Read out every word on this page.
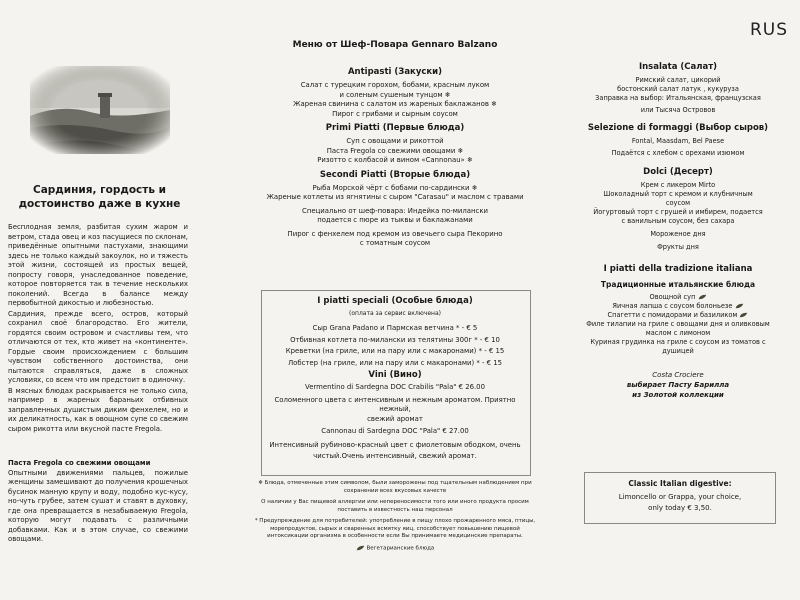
RUS
Сардиния, гордость и достоинство даже в кухне

Бесплодная земля, разбитая сухим жаром и ветром, стада овец и коз пасущиеся по склонам, приведённые опытными пастухами, знающими здесь не только каждый закоулок, но и тяжесть этой жизни, состоящей из простых вещей, попросту говоря, унаследованное поведение, которое повторяется так в течение нескольких поколений. Всегда в балансе между первобытной дикостью и любезностью.

Сардиния, прежде всего, остров, который сохранил своё благородство. Его жители, гордятся своим островом и счастливы тем, что отличаются от тех, кто живет на «континенте». Гордые своим происхождением с большим чувством собственного достоинства, они пытаются справляться, даже в сложных условиях, со всем что им предстоит в одиночку.

В мясных блюдах раскрывается не только сила, например в жареных бараньих отбивных заправленных душистым диким фенхелем, но и их деликатность, как в овощном супе со свежим сыром рикотта или вкусной пасте Fregola.

Паста Fregola со свежими овощами
Опытными движениями пальцев, пожилые женщины замешивают до получения крошечных бусинок манную крупу и воду, подобно кус-кусу, но-чуть грубее, затем сушат и ставят в духовку, где она превращается в незабываемую Fregola, которую могут подавать с различными добавками. Как и в этом случае, со свежими овощами.
Меню от Шеф-Повара Gennaro Balzano
Antipasti (Закуски)

Салат с турецким горохом, бобами, красным луком

и соленым сушеным тунцом ❄

Жареная свинина с салатом из жареных баклажанов ❄

Пирог с грибами и сырным соусом

Primi Piatti (Первые блюда)

Суп с овощами и рикоттой

Паста Fregola со свежими овощами ❄

Ризотто с колбасой и вином «Cannonau» ❄

Secondi Piatti (Вторые блюда)

Рыба Морской чёрт с бобами по-сардински ❄

Жареные котлеты из ягнятины с сыром "Carasau" и маслом с травами

Специально от шеф-повара: Индейка по-милански

подается с пюре из тыквы и баклажанами

Пирог с фенхелем под кремом из овечьего сыра Пекорино

с томатным соусом

I piatti speciali (Особые блюда)

(оплата за сервис включена)

Сыр Grana Padano и Пармская ветчина * - € 5

Отбивная котлета по-милански из телятины 300г * - € 10

Креветки (на гриле, или на пару или с макаронами) * - € 15

Лобстер (на гриле, или на пару или с макаронами) * - € 15

Vini (Вино)

Vermentino di Sardegna DOC Crabilis "Pala" € 26.00

Соломенного цвета с интенсивным и нежным ароматом. Приятно нежный,

свежий аромат

Cannonau di Sardegna DOC "Pala" € 27.00

Интенсивный рубиново-красный цвет с фиолетовым ободком, очень

чистый.Очень интенсивный, свежий аромат.

❄ Блюда, отмеченные этим символом, были заморожены под тщательным наблюдением при сохранении всех вкусовых качеств

О наличии у Вас пищевой аллергии или непереносимости того или иного продукта просим поставить в известность наш персонал

* Предупреждение для потребителей: употребление в пищу плохо прожаренного мяса, птицы, морепродуктов, сырых и сваренных всмятку яиц, способствует повышению пищевой интоксикации организма в особенности если Вы принимаете медицинские препараты.

Вегетарианские блюда

Insalata (Салат)

Римский салат, цикорий

бостонский салат латук , кукуруза

Заправка на выбор: Итальянская, французская

или Тысяча Островов

Selezione di formaggi (Выбор сыров)

Fontal, Maasdam, Bel Paese

Подаётся с хлебом с орехами изюмом

Dolci (Десерт)

Крем с ликером Mirto

Шоколадный торт с кремом и клубничным

соусом

Йогуртовый торт с грушей и имбирем, подается

с ванильным соусом, без сахара

Мороженое дня

Фрукты дня

I piatti della tradizione italiana
Традиционные итальянские блюда

Овощной суп

Яичная лапша с соусом болоньезе

Спагетти с помидорами и базиликом

Филе тилапии на гриле с овощами дня и оливковым

маслом с лимоном

Куриная грудинка на гриле с соусом из томатов с

душицей

Costa Crociere
выбирает Пасту Барилла
из Золотой коллекции
Classic Italian digestive:
Limoncello or Grappa, your choice,
only today € 3,50.
